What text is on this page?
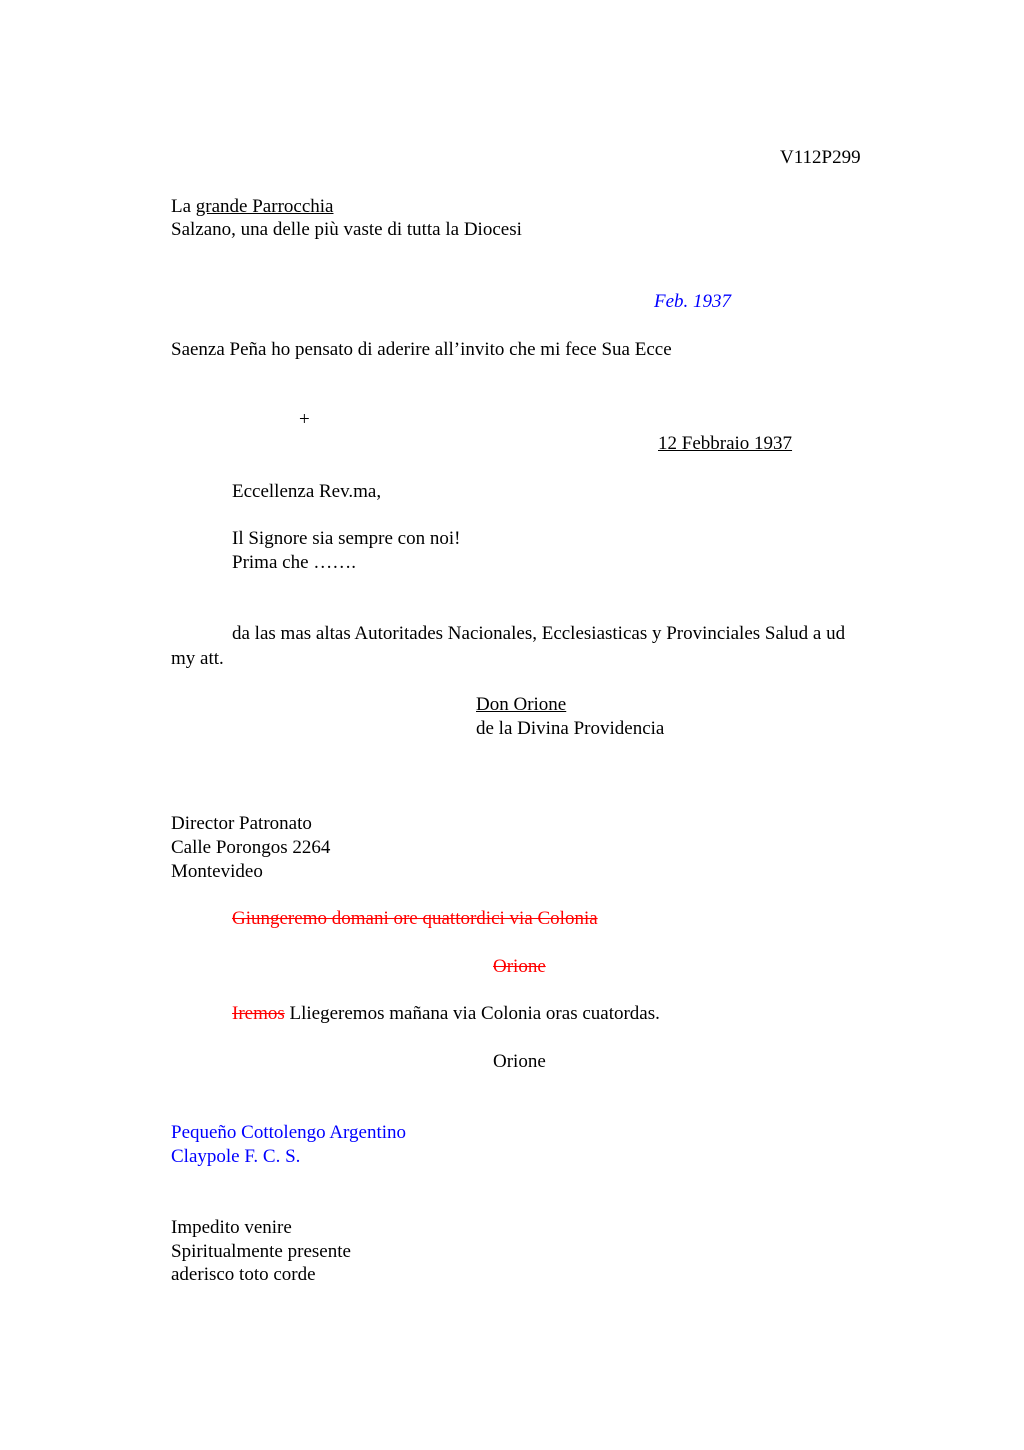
V112P299
La grande Parrocchia
Salzano, una delle più vaste di tutta la Diocesi
Feb. 1937
Saenza Peña ho pensato di aderire all’invito che mi fece Sua Ecce
+
12 Febbraio 1937
Eccellenza Rev.ma,
Il Signore sia sempre con noi!
Prima che …….
da las mas altas Autoritades Nacionales, Ecclesiasticas y Provinciales Salud a ud
my att.
Don Orione
de la Divina Providencia
Director Patronato
Calle Porongos 2264
Montevideo
Giungeremo domani ore quattordici via Colonia
Orione
Iremos Lliegeremos mañana via Colonia oras cuatordas.
Orione
Pequeño Cottolengo Argentino
Claypole F. C. S.
Impedito venire
Spiritualmente presente
aderisco toto corde
